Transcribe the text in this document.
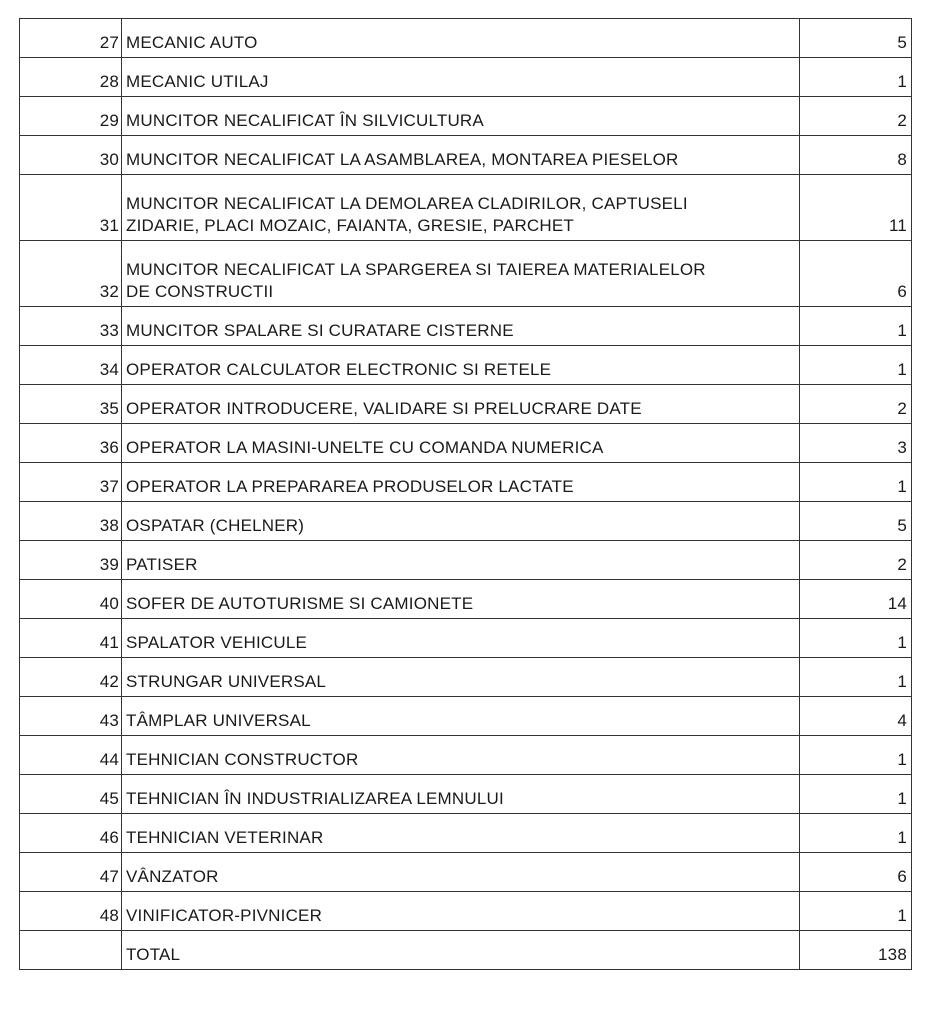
27	MECANIC AUTO	5
28	MECANIC UTILAJ	1
29	MUNCITOR NECALIFICAT ÎN SILVICULTURA	2
30	MUNCITOR NECALIFICAT LA ASAMBLAREA, MONTAREA PIESELOR	8
31	MUNCITOR NECALIFICAT LA DEMOLAREA CLADIRILOR, CAPTUSELI
ZIDARIE, PLACI MOZAIC, FAIANTA, GRESIE, PARCHET	11
32	MUNCITOR NECALIFICAT LA SPARGEREA SI TAIEREA MATERIALELOR
DE CONSTRUCTII	6
33	MUNCITOR SPALARE SI CURATARE CISTERNE	1
34	OPERATOR CALCULATOR ELECTRONIC SI RETELE	1
35	OPERATOR INTRODUCERE, VALIDARE SI PRELUCRARE DATE	2
36	OPERATOR LA MASINI-UNELTE CU COMANDA NUMERICA	3
37	OPERATOR LA PREPARAREA PRODUSELOR LACTATE	1
38	OSPATAR (CHELNER)	5
39	PATISER	2
40	SOFER DE AUTOTURISME SI CAMIONETE	14
41	SPALATOR VEHICULE	1
42	STRUNGAR UNIVERSAL	1
43	TÂMPLAR UNIVERSAL	4
44	TEHNICIAN CONSTRUCTOR	1
45	TEHNICIAN ÎN INDUSTRIALIZAREA LEMNULUI	1
46	TEHNICIAN VETERINAR	1
47	VÂNZATOR	6
48	VINIFICATOR-PIVNICER	1
	TOTAL	138
